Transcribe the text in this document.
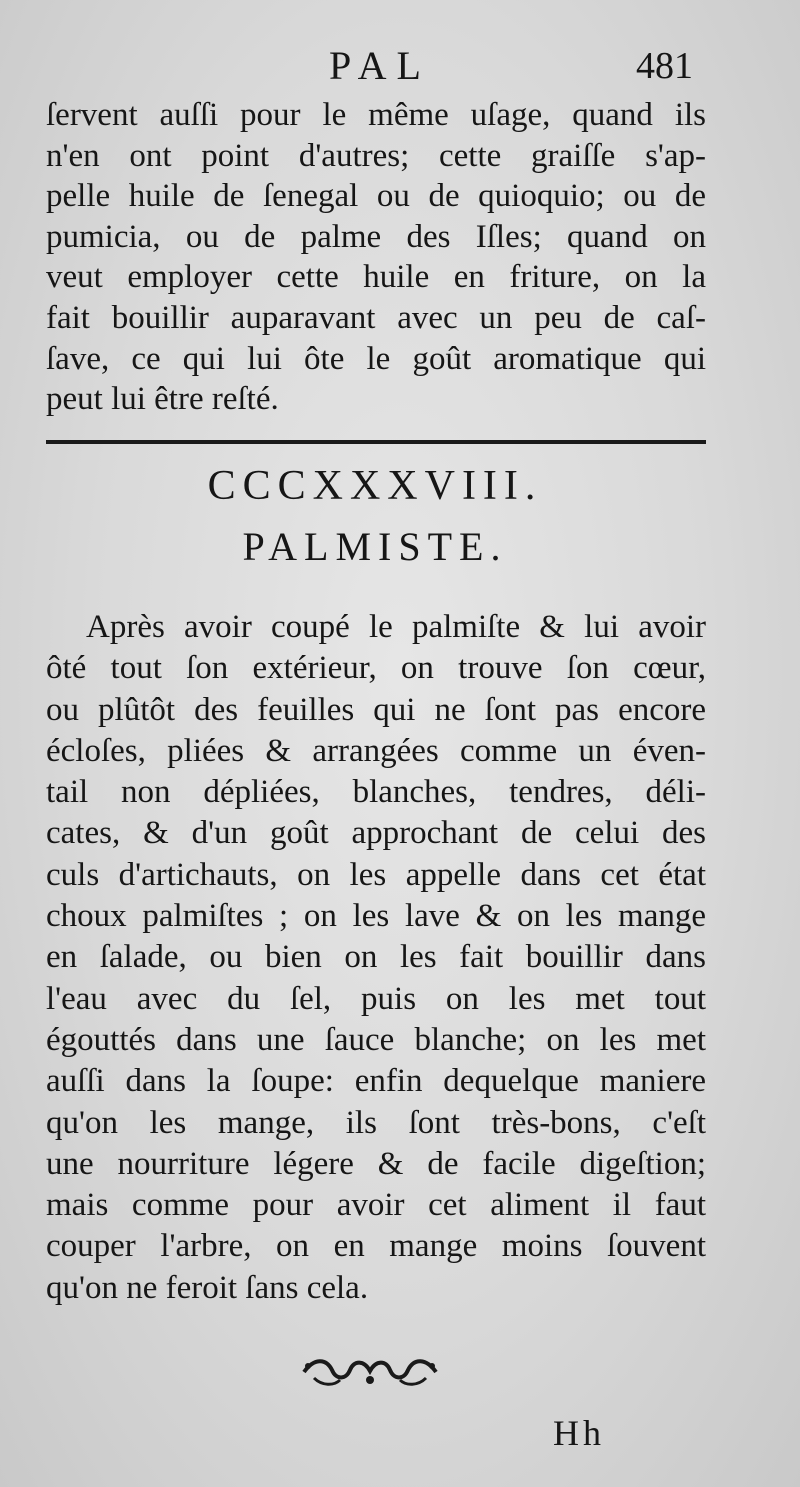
PAL	481
ſervent auſſi pour le même uſage, quand ils
n'en ont point d'autres; cette graiſſe s'ap-
pelle huile de ſenegal ou de quioquio; ou de
pumicia, ou de palme des Iſles; quand on
veut employer cette huile en friture, on la
fait bouillir auparavant avec un peu de caſ-
ſave, ce qui lui ôte le goût aromatique qui
peut lui être reſté.
CCCXXXVIII.
PALMISTE.
Après avoir coupé le palmiſte & lui avoir
ôté tout ſon extérieur, on trouve ſon cœur,
ou plûtôt des feuilles qui ne ſont pas encore
écloſes, pliées & arrangées comme un éven-
tail non dépliées, blanches, tendres, déli-
cates, & d'un goût approchant de celui des
culs d'artichauts, on les appelle dans cet état
choux palmiſtes ; on les lave & on les mange
en ſalade, ou bien on les fait bouillir dans
l'eau avec du ſel, puis on les met tout
égouttés dans une ſauce blanche; on les met
auſſi dans la ſoupe: enfin dequelque maniere
qu'on les mange, ils ſont très-bons, c'eſt
une nourriture légere & de facile digeſtion;
mais comme pour avoir cet aliment il faut
couper l'arbre, on en mange moins ſouvent
qu'on ne feroit ſans cela.
Hh
